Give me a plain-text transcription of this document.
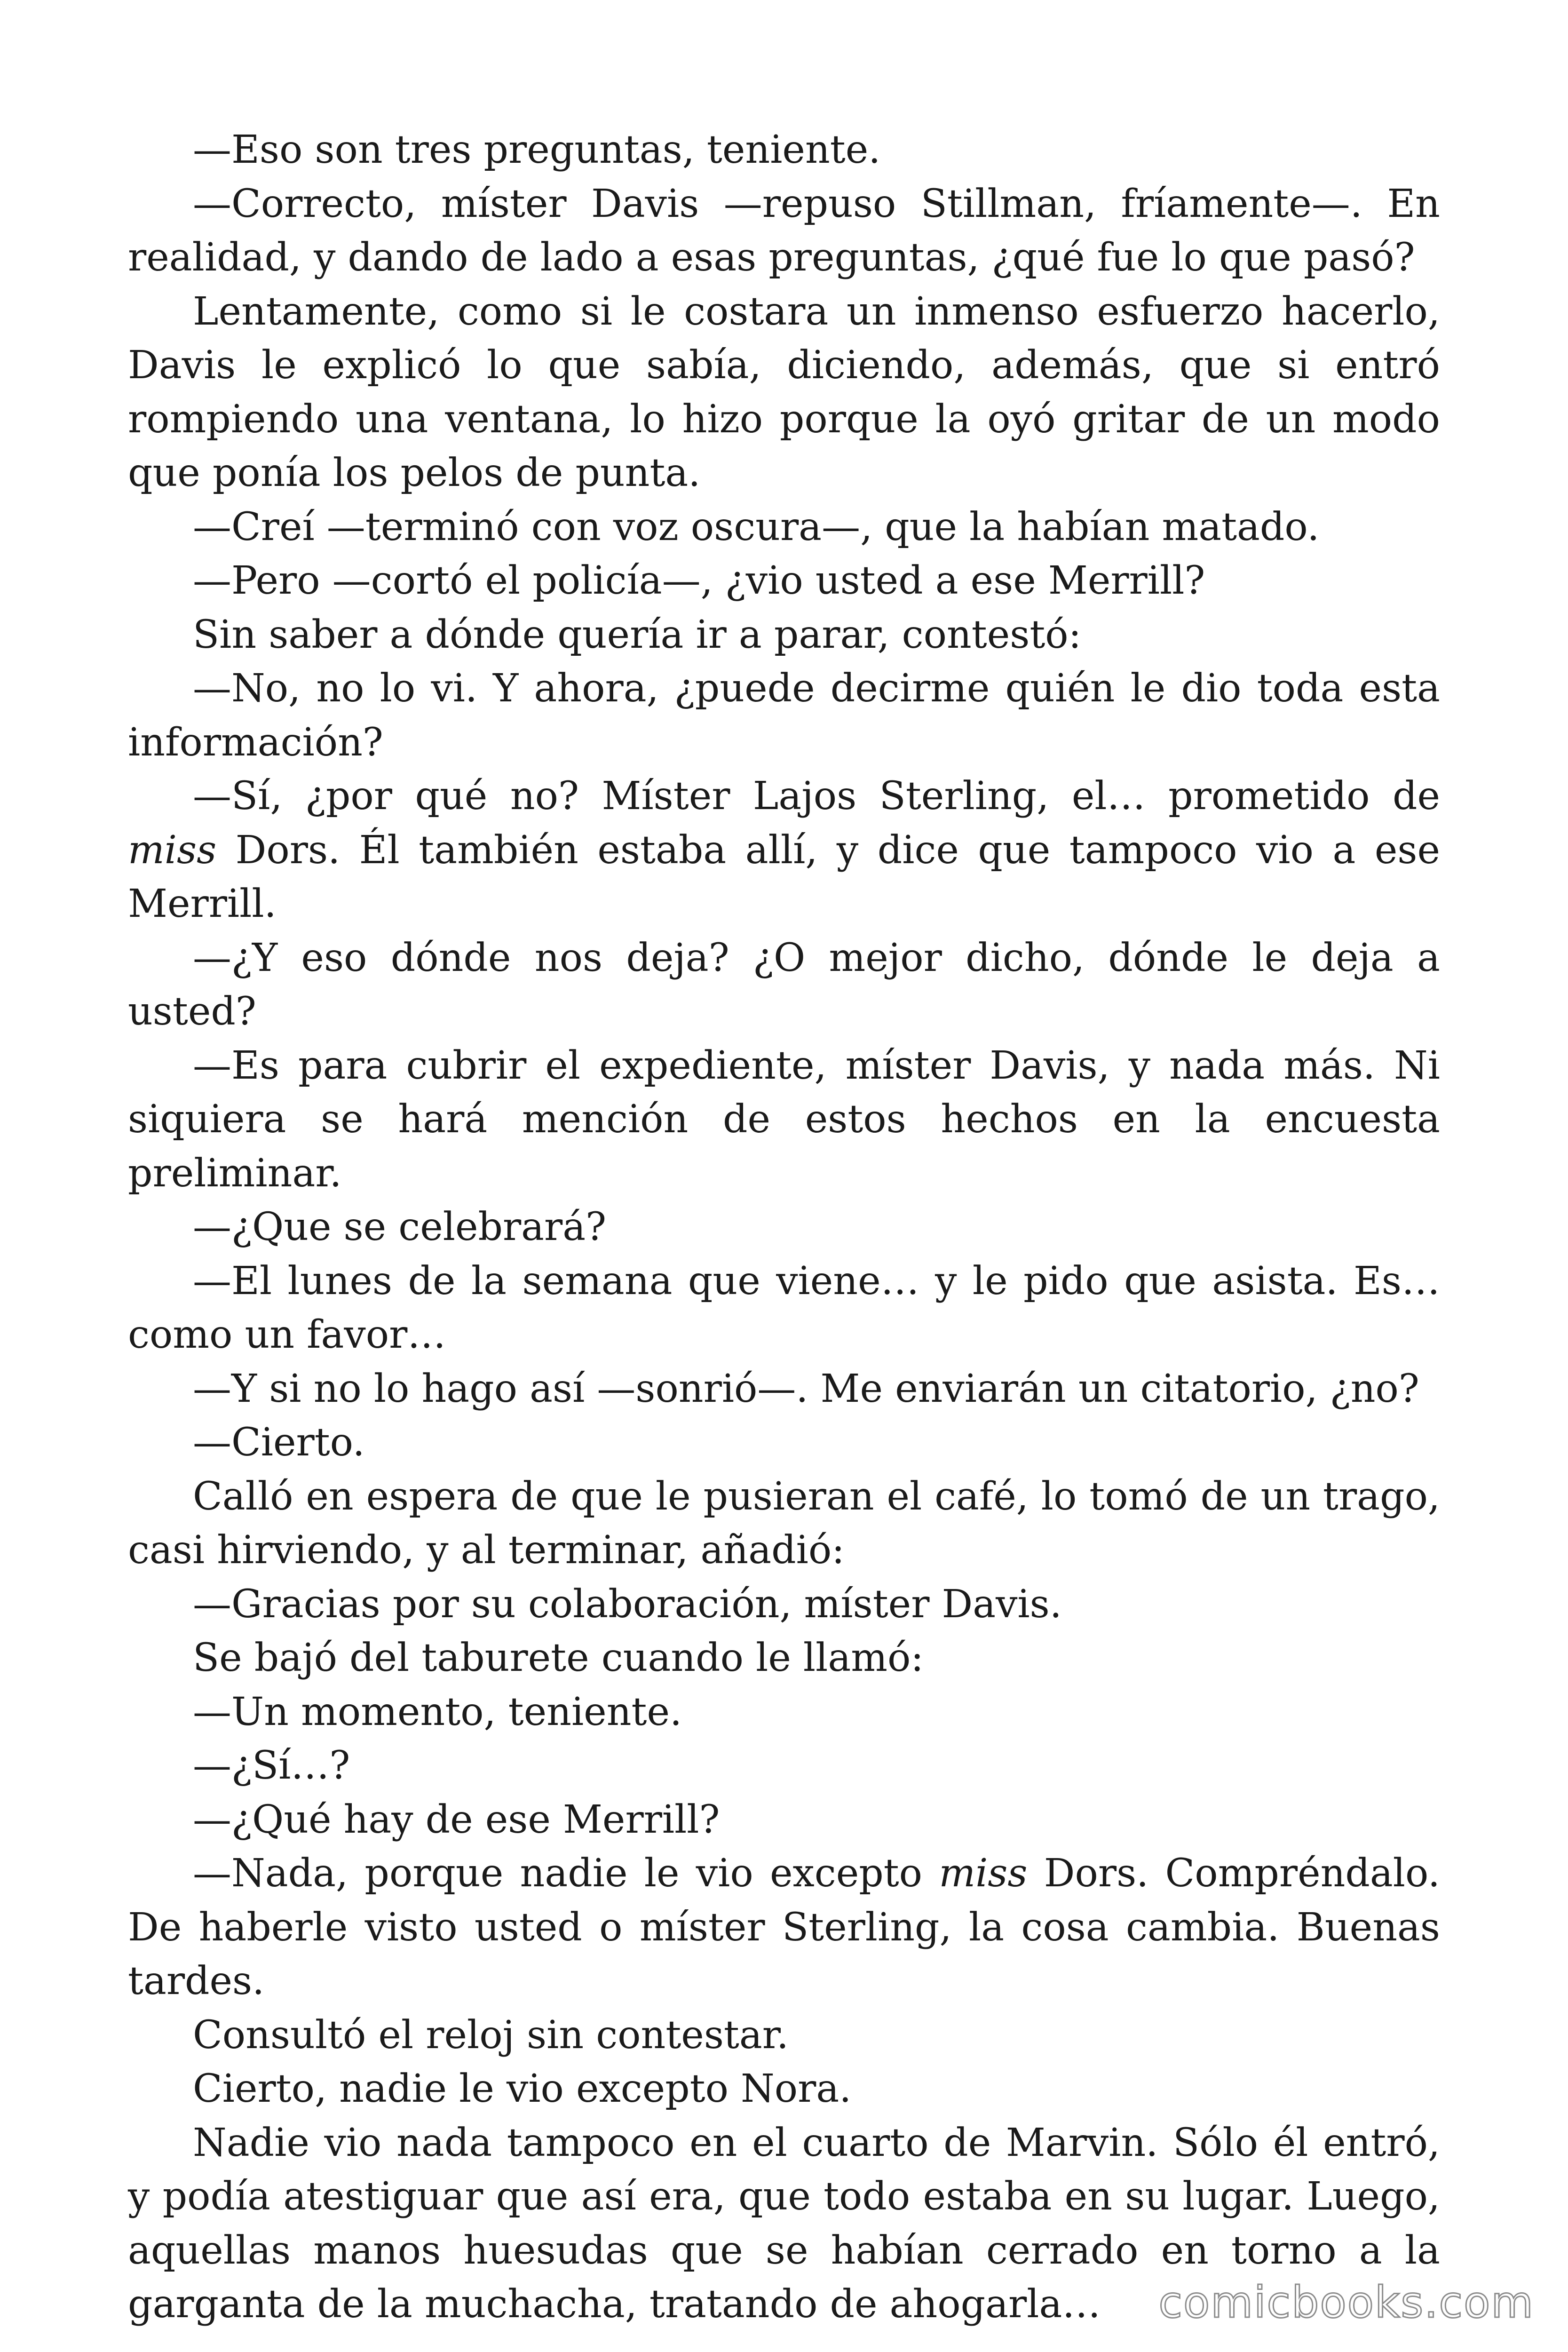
—Eso son tres preguntas, teniente.

—Correcto, míster Davis —repuso Stillman, fríamente—. En realidad, y dando de lado a esas preguntas, ¿qué fue lo que pasó?

Lentamente, como si le costara un inmenso esfuerzo hacerlo, Davis le explicó lo que sabía, diciendo, además, que si entró rompiendo una ventana, lo hizo porque la oyó gritar de un modo que ponía los pelos de punta.

—Creí —terminó con voz oscura—, que la habían matado.

—Pero —cortó el policía—, ¿vio usted a ese Merrill?

Sin saber a dónde quería ir a parar, contestó:

—No, no lo vi. Y ahora, ¿puede decirme quién le dio toda esta información?

—Sí, ¿por qué no? Míster Lajos Sterling, el… prometido de miss Dors. Él también estaba allí, y dice que tampoco vio a ese Merrill.

—¿Y eso dónde nos deja? ¿O mejor dicho, dónde le deja a usted?

—Es para cubrir el expediente, míster Davis, y nada más. Ni siquiera se hará mención de estos hechos en la encuesta preliminar.

—¿Que se celebrará?

—El lunes de la semana que viene… y le pido que asista. Es… como un favor…

—Y si no lo hago así —sonrió—. Me enviarán un citatorio, ¿no?

—Cierto.

Calló en espera de que le pusieran el café, lo tomó de un trago, casi hirviendo, y al terminar, añadió:

—Gracias por su colaboración, míster Davis.

Se bajó del taburete cuando le llamó:

—Un momento, teniente.

—¿Sí…?

—¿Qué hay de ese Merrill?

—Nada, porque nadie le vio excepto miss Dors. Compréndalo. De haberle visto usted o míster Sterling, la cosa cambia. Buenas tardes.

Consultó el reloj sin contestar.

Cierto, nadie le vio excepto Nora.

Nadie vio nada tampoco en el cuarto de Marvin. Sólo él entró, y podía atestiguar que así era, que todo estaba en su lugar. Luego, aquellas manos huesudas que se habían cerrado en torno a la garganta de la muchacha, tratando de ahogarla…	comicbooks.com
